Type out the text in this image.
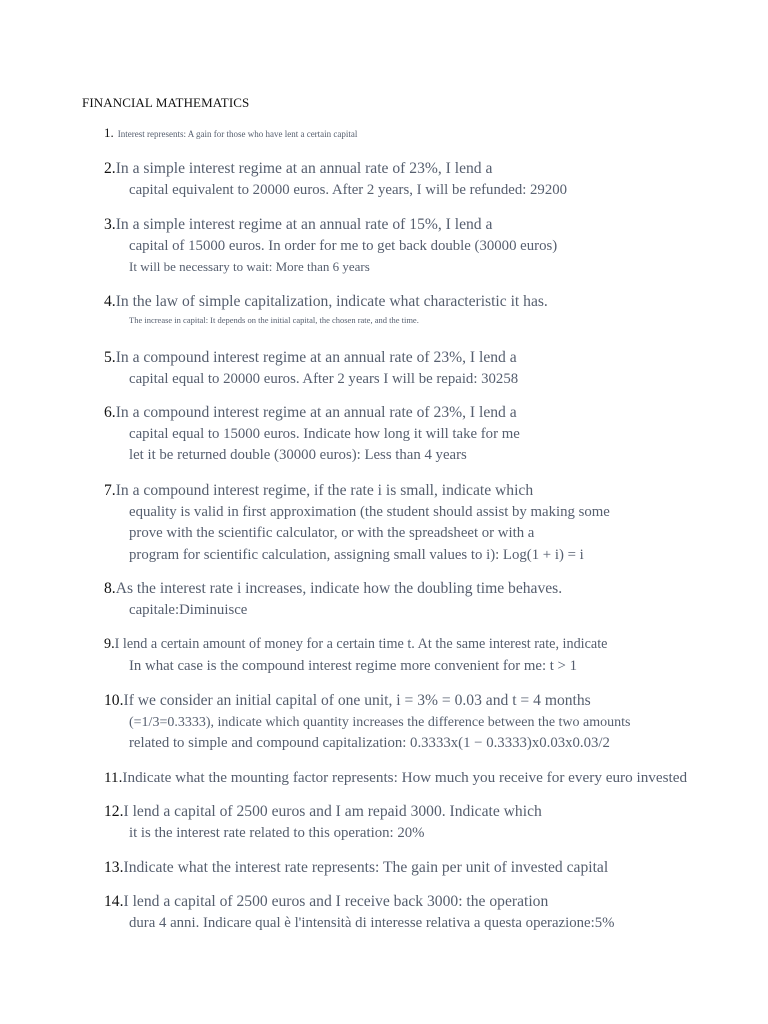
FINANCIAL MATHEMATICS
1. Interest represents: A gain for those who have lent a certain capital
2.In a simple interest regime at an annual rate of 23%, I lend a
capital equivalent to 20000 euros. After 2 years, I will be refunded: 29200
3.In a simple interest regime at an annual rate of 15%, I lend a
capital of 15000 euros. In order for me to get back double (30000 euros)
It will be necessary to wait: More than 6 years
4.In the law of simple capitalization, indicate what characteristic it has.
The increase in capital: It depends on the initial capital, the chosen rate, and the time.
5.In a compound interest regime at an annual rate of 23%, I lend a
capital equal to 20000 euros. After 2 years I will be repaid: 30258
6.In a compound interest regime at an annual rate of 23%, I lend a
capital equal to 15000 euros. Indicate how long it will take for me
let it be returned double (30000 euros): Less than 4 years
7.In a compound interest regime, if the rate i is small, indicate which
equality is valid in first approximation (the student should assist by making some
prove with the scientific calculator, or with the spreadsheet or with a
program for scientific calculation, assigning small values to i): Log(1 + i) = i
8.As the interest rate i increases, indicate how the doubling time behaves.
capitale:Diminuisce
9.I lend a certain amount of money for a certain time t. At the same interest rate, indicate
In what case is the compound interest regime more convenient for me: t > 1
10.If we consider an initial capital of one unit, i = 3% = 0.03 and t = 4 months
(=1/3=0.3333), indicate which quantity increases the difference between the two amounts
related to simple and compound capitalization: 0.3333x(1 − 0.3333)x0.03x0.03/2
11.Indicate what the mounting factor represents: How much you receive for every euro invested
12.I lend a capital of 2500 euros and I am repaid 3000. Indicate which
it is the interest rate related to this operation: 20%
13.Indicate what the interest rate represents: The gain per unit of invested capital
14.I lend a capital of 2500 euros and I receive back 3000: the operation
dura 4 anni. Indicare qual è l'intensità di interesse relativa a questa operazione:5%
